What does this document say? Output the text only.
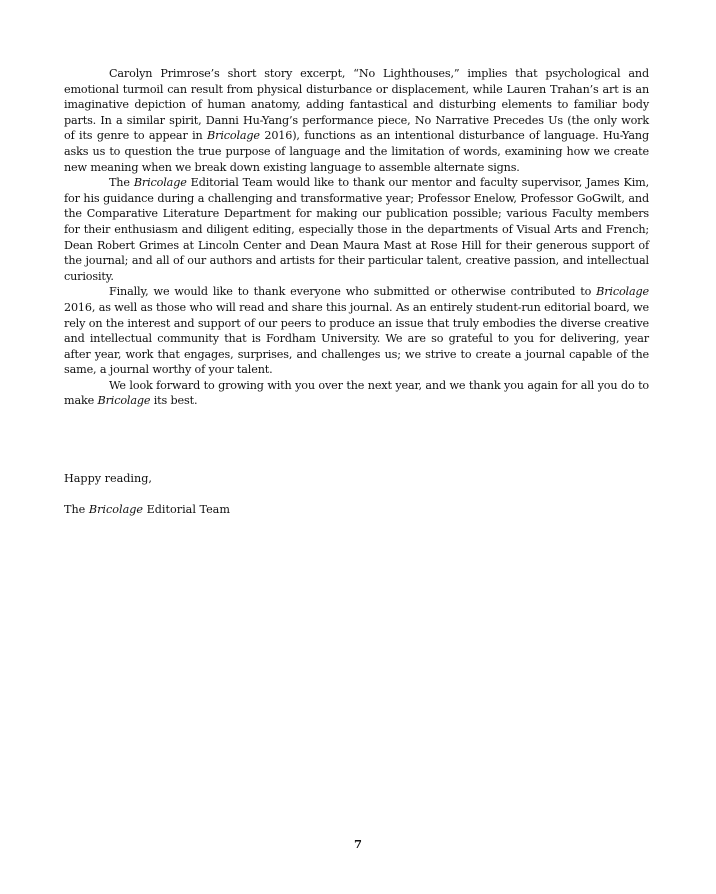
Carolyn Primrose’s short story excerpt, “No Lighthouses,” implies that psychological and emotional turmoil can result from physical disturbance or displacement, while Lauren Trahan’s art is an imaginative depiction of human anatomy, adding fantastical and disturbing elements to familiar body parts. In a similar spirit, Danni Hu-Yang’s performance piece, No Narrative Precedes Us (the only work of its genre to appear in Bricolage 2016), functions as an intentional disturbance of language. Hu-Yang asks us to question the true purpose of language and the limitation of words, examining how we create new meaning when we break down existing language to assemble alternate signs.

The Bricolage Editorial Team would like to thank our mentor and faculty supervisor, James Kim, for his guidance during a challenging and transformative year; Professor Enelow, Professor GoGwilt, and the Comparative Literature Department for making our publication possible; various Faculty members for their enthusiasm and diligent editing, especially those in the departments of Visual Arts and French; Dean Robert Grimes at Lincoln Center and Dean Maura Mast at Rose Hill for their generous support of the journal; and all of our authors and artists for their particular talent, creative passion, and intellectual curiosity.

Finally, we would like to thank everyone who submitted or otherwise contributed to Bricolage 2016, as well as those who will read and share this journal. As an entirely student-run editorial board, we rely on the interest and support of our peers to produce an issue that truly embodies the diverse creative and intellectual community that is Fordham University. We are so grateful to you for delivering, year after year, work that engages, surprises, and challenges us; we strive to create a journal capable of the same, a journal worthy of your talent.

We look forward to growing with you over the next year, and we thank you again for all you do to make Bricolage its best.

Happy reading,

The Bricolage Editorial Team

7
